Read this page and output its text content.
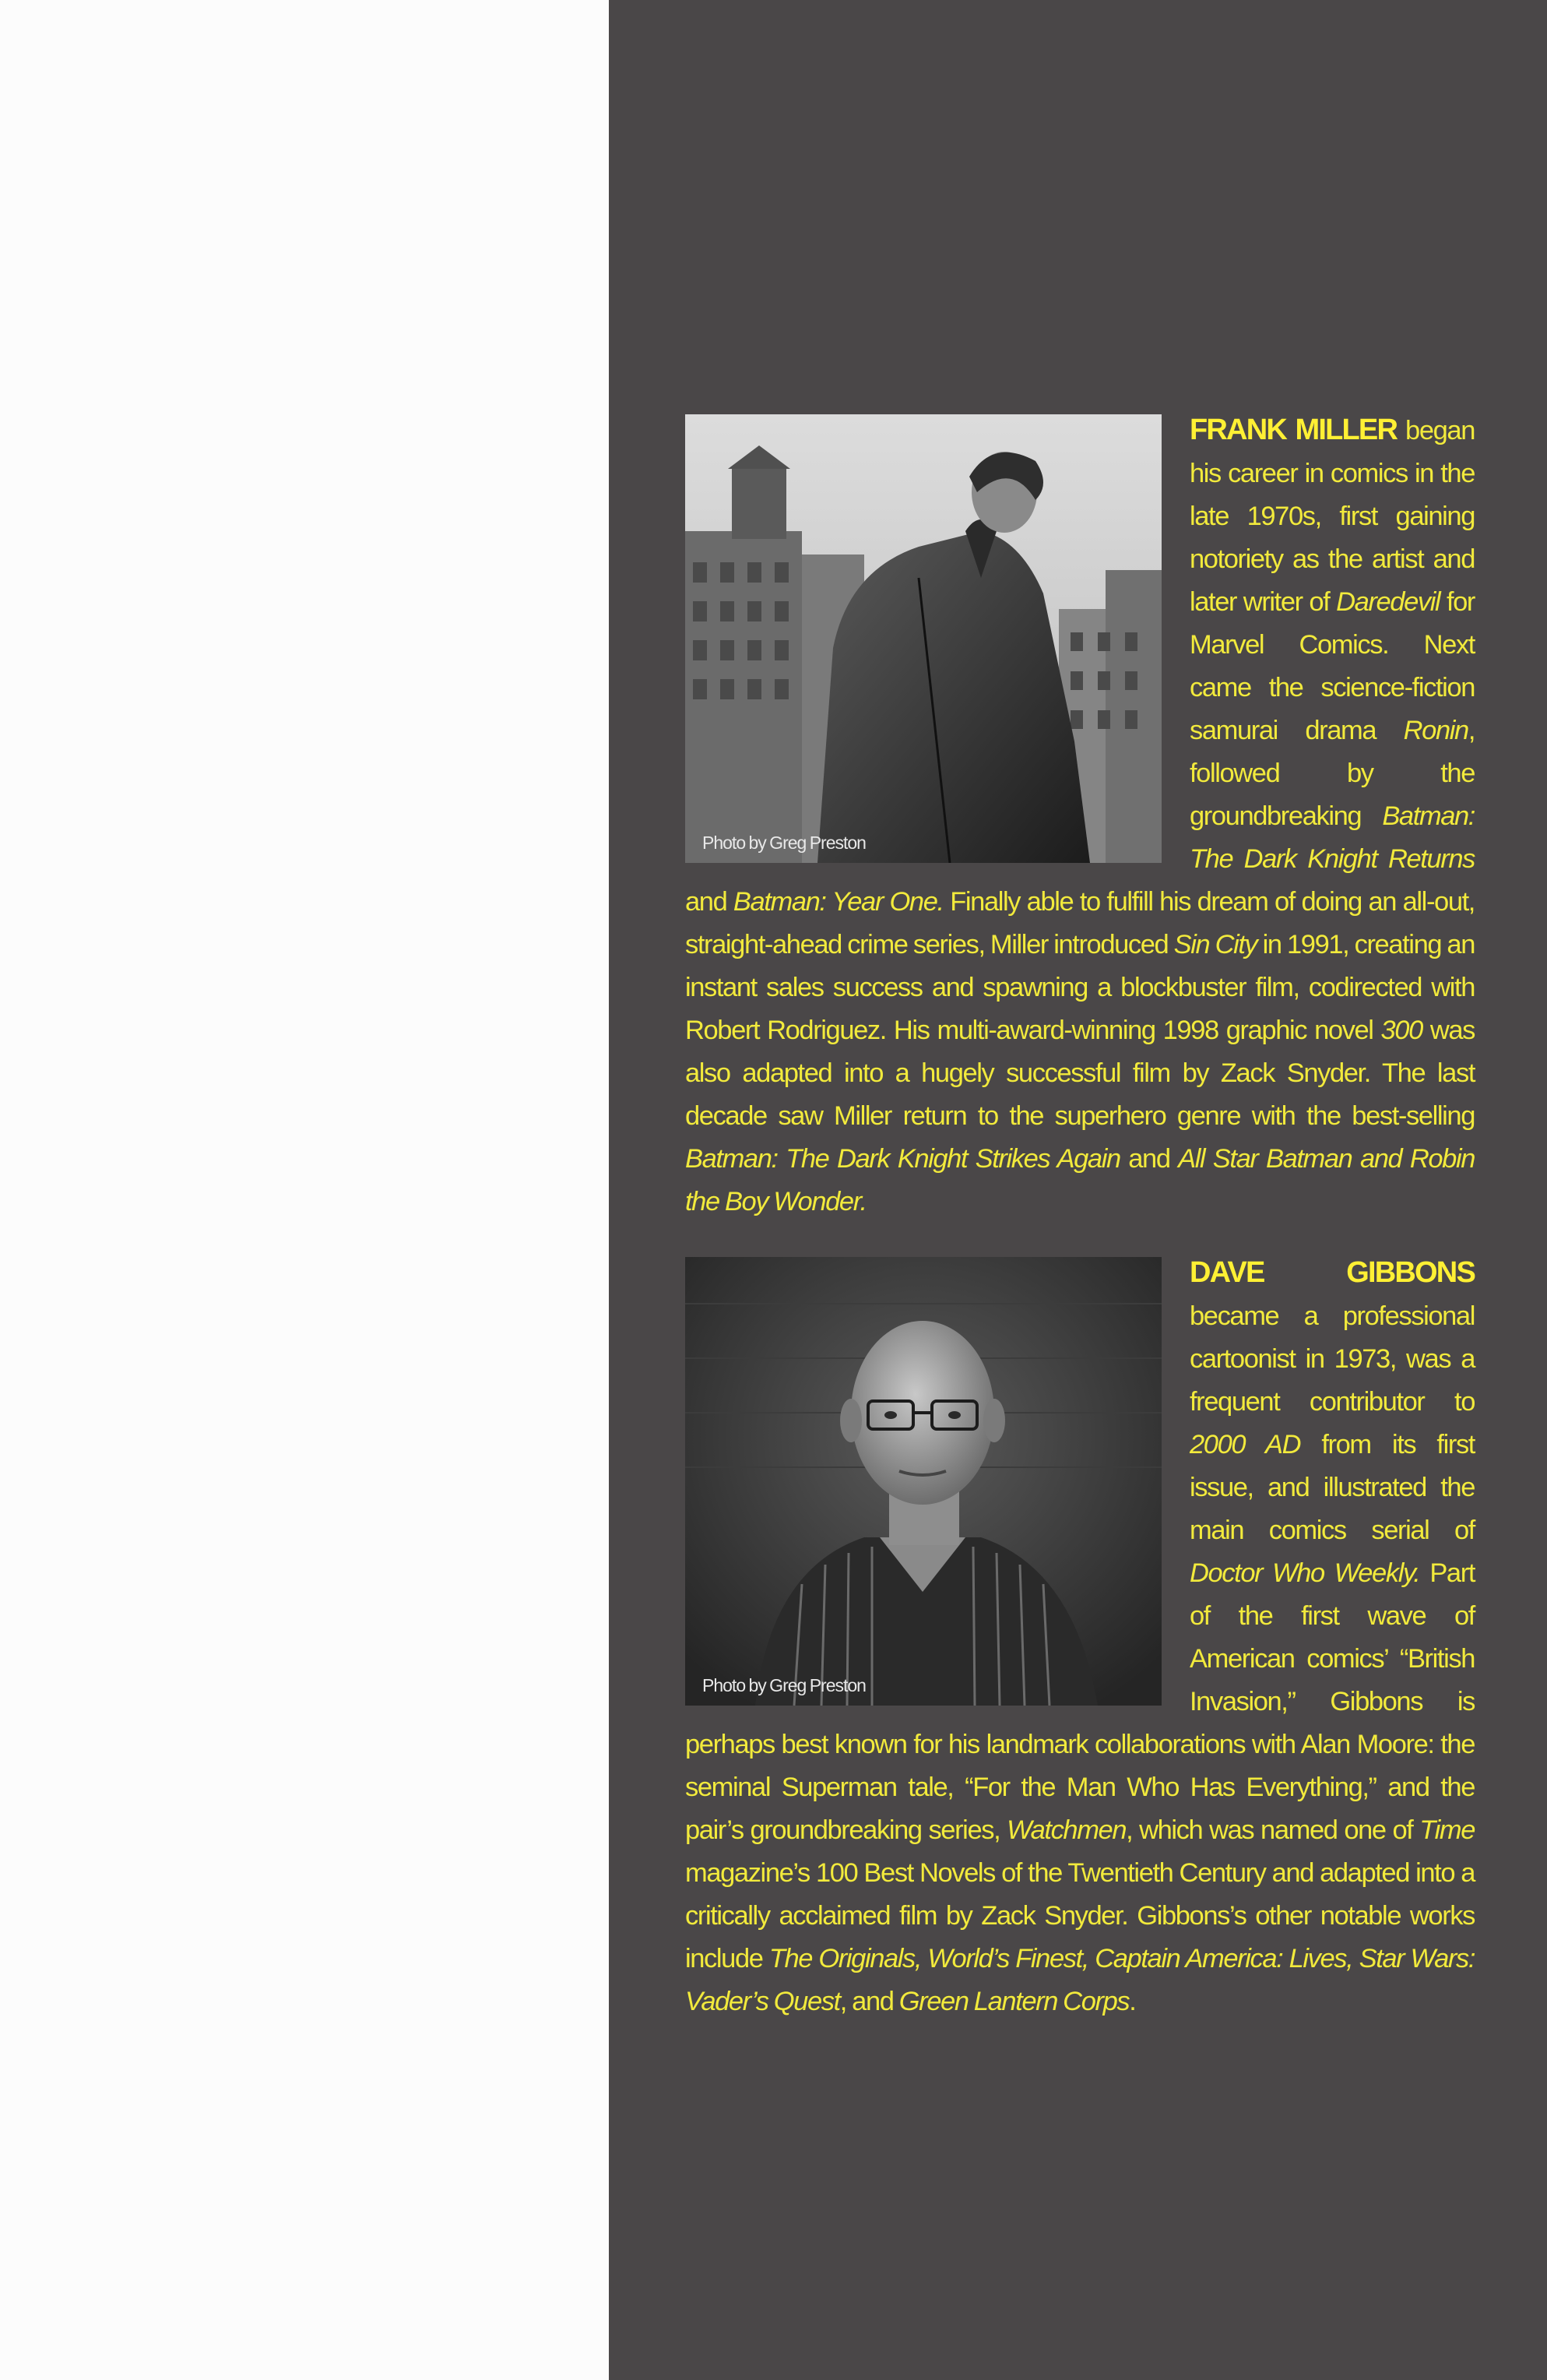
Photo by Greg Preston
FRANK MILLER began his career in comics in the late 1970s, first gaining notoriety as the artist and later writer of Daredevil for Marvel Comics. Next came the science-fiction samurai drama Ronin, followed by the groundbreaking Batman: The Dark Knight Returns and Batman: Year One. Finally able to fulfill his dream of doing an all-out, straight-ahead crime series, Miller introduced Sin City in 1991, creating an instant sales success and spawning a blockbuster film, codirected with Robert Rodriguez. His multi-award-winning 1998 graphic novel 300 was also adapted into a hugely successful film by Zack Snyder. The last decade saw Miller return to the superhero genre with the best-selling Batman: The Dark Knight Strikes Again and All Star Batman and Robin the Boy Wonder.
Photo by Greg Preston
DAVE GIBBONS became a professional cartoonist in 1973, was a frequent contributor to 2000 AD from its first issue, and illustrated the main comics serial of Doctor Who Weekly. Part of the first wave of American comics’ “British Invasion,” Gibbons is perhaps best known for his landmark collaborations with Alan Moore: the seminal Superman tale, “For the Man Who Has Everything,” and the pair’s groundbreaking series, Watchmen, which was named one of Time magazine’s 100 Best Novels of the Twentieth Century and adapted into a critically acclaimed film by Zack Snyder. Gibbons’s other notable works include The Originals, World’s Finest, Captain America: Lives, Star Wars: Vader’s Quest, and Green Lantern Corps.
